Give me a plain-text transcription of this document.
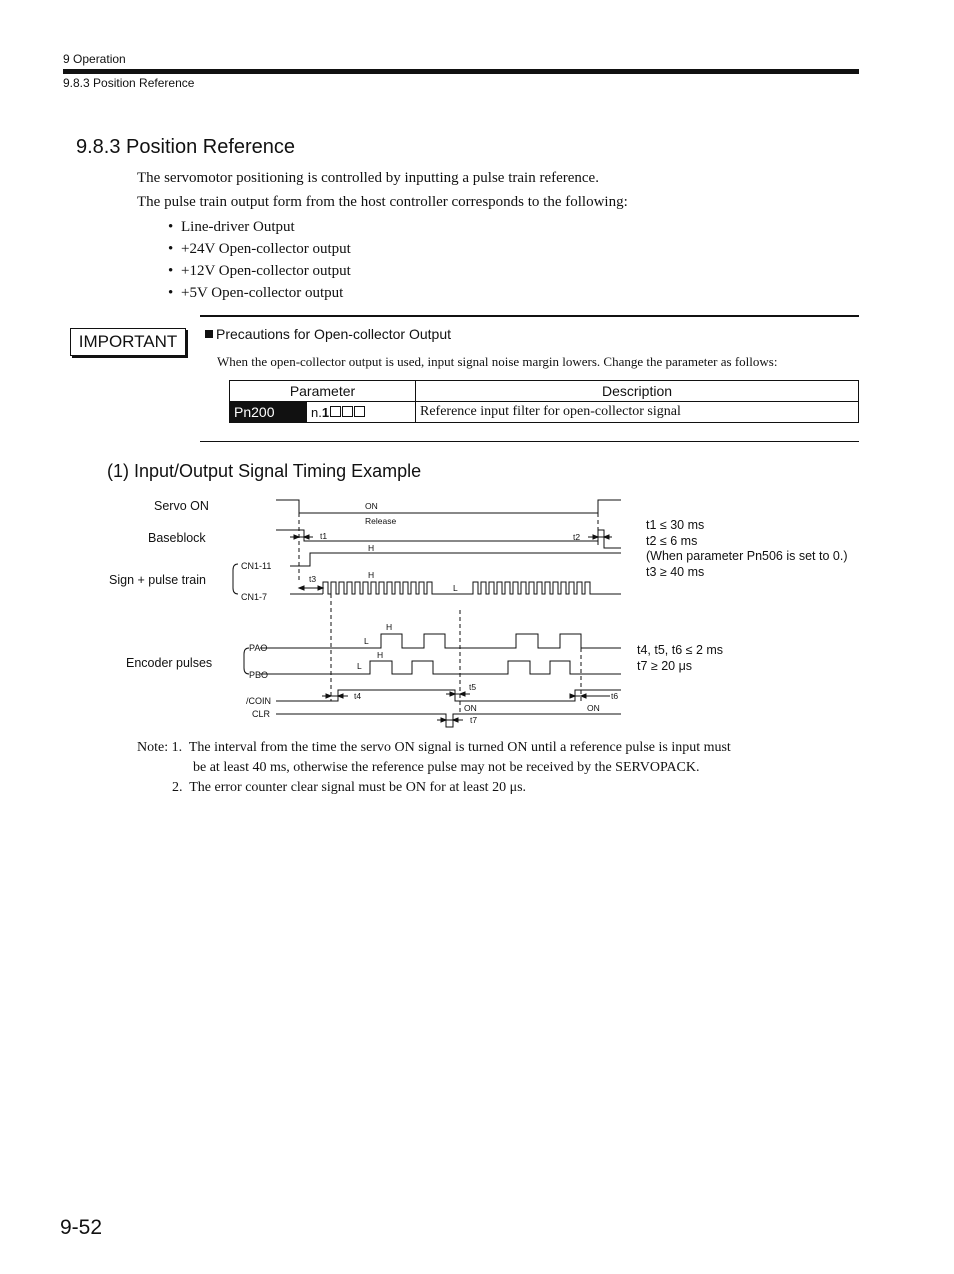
9 Operation
9.8.3 Position Reference
9.8.3 Position Reference
The servomotor positioning is controlled by inputting a pulse train reference.
The pulse train output form from the host controller corresponds to the following:
• Line-driver Output
• +24V Open-collector output
• +12V Open-collector output
• +5V Open-collector output
IMPORTANT	Precautions for Open-collector Output
When the open-collector output is used, input signal noise margin lowers. Change the parameter as follows:
Parameter		Description
Pn200	n.1	Reference input filter for open-collector signal
(1) Input/Output Signal Timing Example
Servo ON
Baseblock
Sign + pulse train
Encoder pulses
CN1-11
CN1-7
PAO
PBO
/COIN
CLR
ON
Release
t1	t2
H
H
t3
L
H
L
H
L
t5
t4	t6
ON	ON
t7
t1 ≤ 30 ms
t2 ≤ 6 ms
(When parameter Pn506 is set to 0.)
t3 ≥ 40 ms
t4, t5, t6 ≤ 2 ms
t7 ≥ 20 μs
Note: 1.  The interval from the time the servo ON signal is turned ON until a reference pulse is input must
be at least 40 ms, otherwise the reference pulse may not be received by the SERVOPACK.
2.  The error counter clear signal must be ON for at least 20 μs.
9-52
